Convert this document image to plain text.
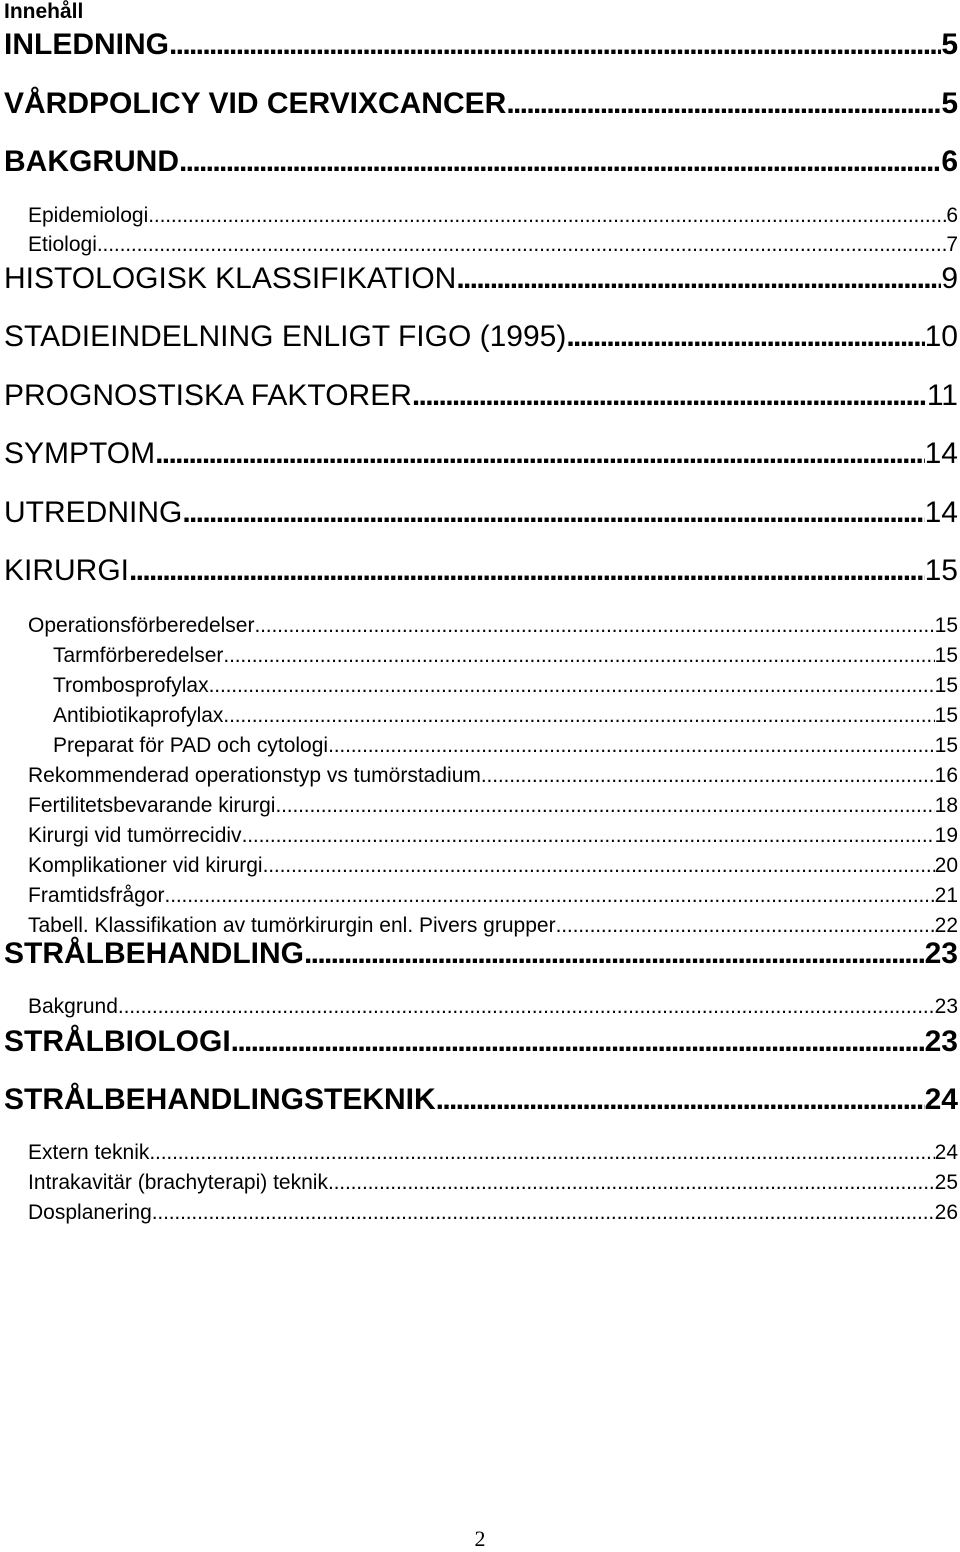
Innehåll
INLEDNING . . .	5
VÅRDPOLICY VID CERVIXCANCER . . .	5
BAKGRUND . . .	6
Epidemiologi . . .	6
Etiologi . . .	7
HISTOLOGISK KLASSIFIKATION . . .	9
STADIEINDELNING ENLIGT FIGO (1995) . . .	10
PROGNOSTISKA FAKTORER . . .	11
SYMPTOM . . .	14
UTREDNING . . .	14
KIRURGI . . .	15
Operationsförberedelser . . .	15
Tarmförberedelser . . .	15
Trombosprofylax . . .	15
Antibiotikaprofylax . . .	15
Preparat för PAD och cytologi . . .	15
Rekommenderad operationstyp vs tumörstadium . . .	16
Fertilitetsbevarande kirurgi . . .	18
Kirurgi vid tumörrecidiv . . .	19
Komplikationer vid kirurgi . . .	20
Framtidsfrågor . . .	21
Tabell. Klassifikation av tumörkirurgin enl. Pivers grupper . . .	22
STRÅLBEHANDLING . . .	23
Bakgrund . . .	23
STRÅLBIOLOGI . . .	23
STRÅLBEHANDLINGSTEKNIK . . .	24
Extern teknik . . .	24
Intrakavitär (brachyterapi) teknik . . .	25
Dosplanering . . .	26
2
